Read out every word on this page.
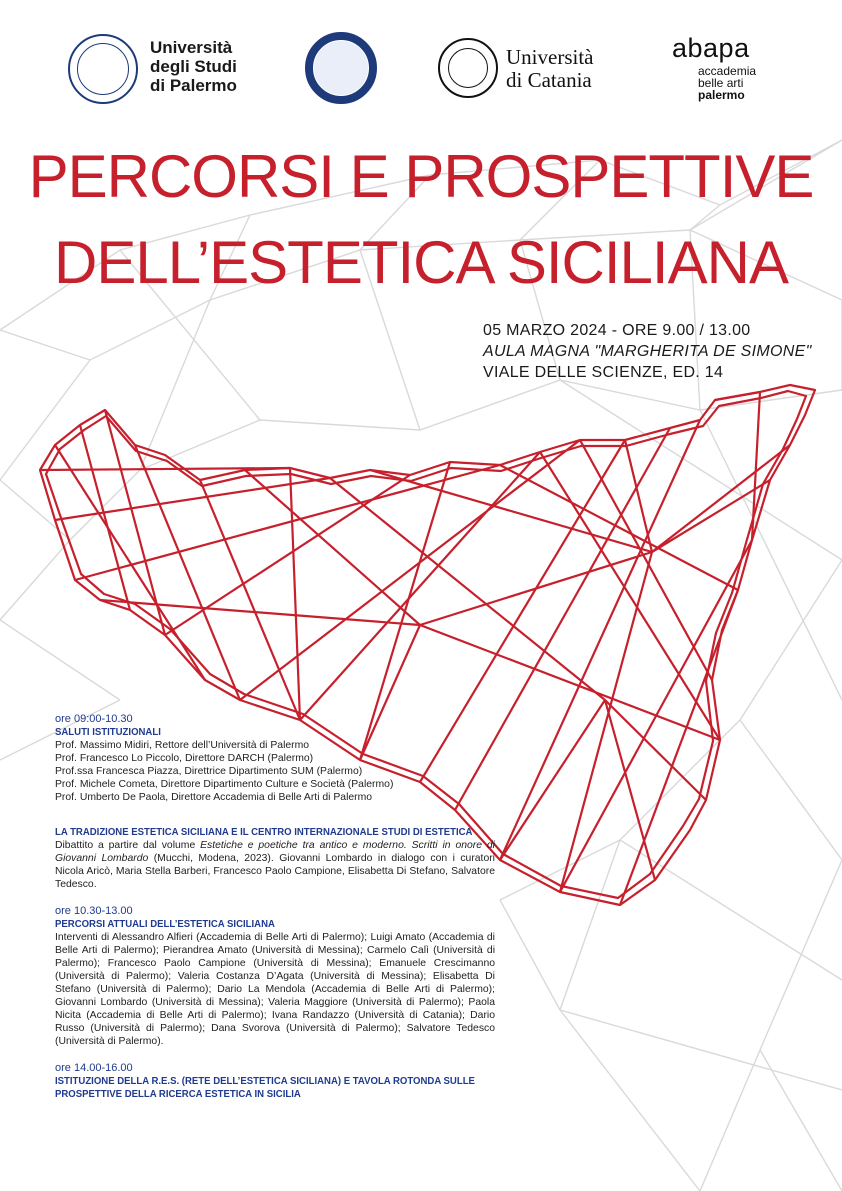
Università
degli Studi
di Palermo
Università
di Catania
abapa
accademia
belle arti
palermo
PERCORSI E PROSPETTIVE
DELL’ESTETICA SICILIANA
05 MARZO 2024 - ORE 9.00 / 13.00
AULA MAGNA "MARGHERITA DE SIMONE"
VIALE DELLE SCIENZE, ED. 14
ore 09:00-10.30
SALUTI ISTITUZIONALI
Prof. Massimo Midiri, Rettore dell’Università di Palermo
Prof. Francesco Lo Piccolo, Direttore DARCH (Palermo)
Prof.ssa Francesca Piazza, Direttrice Dipartimento SUM (Palermo)
Prof. Michele Cometa, Direttore Dipartimento Culture e Società (Palermo)
Prof. Umberto De Paola, Direttore Accademia di Belle Arti di Palermo
LA TRADIZIONE ESTETICA SICILIANA E IL CENTRO INTERNAZIONALE STUDI DI ESTETICA
Dibattito a partire dal volume Estetiche e poetiche tra antico e moderno. Scritti in onore di Giovanni Lombardo (Mucchi, Modena, 2023). Giovanni Lombardo in dialogo con i curatori Nicola Aricò, Maria Stella Barberi, Francesco Paolo Campione, Elisabetta Di Stefano, Salvatore Tedesco.
ore 10.30-13.00
PERCORSI ATTUALI DELL’ESTETICA SICILIANA
Interventi di Alessandro Alfieri (Accademia di Belle Arti di Palermo); Luigi Amato (Accademia di Belle Arti di Palermo); Pierandrea Amato (Università di Messina); Carmelo Calì (Università di Palermo); Francesco Paolo Campione (Università di Messina); Emanuele Crescimanno (Università di Palermo); Valeria Costanza D’Agata (Università di Messina); Elisabetta Di Stefano (Università di Palermo); Dario La Mendola (Accademia di Belle Arti di Palermo); Giovanni Lombardo (Università di Messina); Valeria Maggiore (Università di Palermo); Paola Nicita (Accademia di Belle Arti di Palermo); Ivana Randazzo (Università di Catania); Dario Russo (Università di Palermo); Dana Svorova (Università di Palermo); Salvatore Tedesco (Università di Palermo).
ore 14.00-16.00
ISTITUZIONE DELLA R.E.S. (RETE DELL’ESTETICA SICILIANA) E TAVOLA ROTONDA SULLE
PROSPETTIVE DELLA RICERCA ESTETICA IN SICILIA
